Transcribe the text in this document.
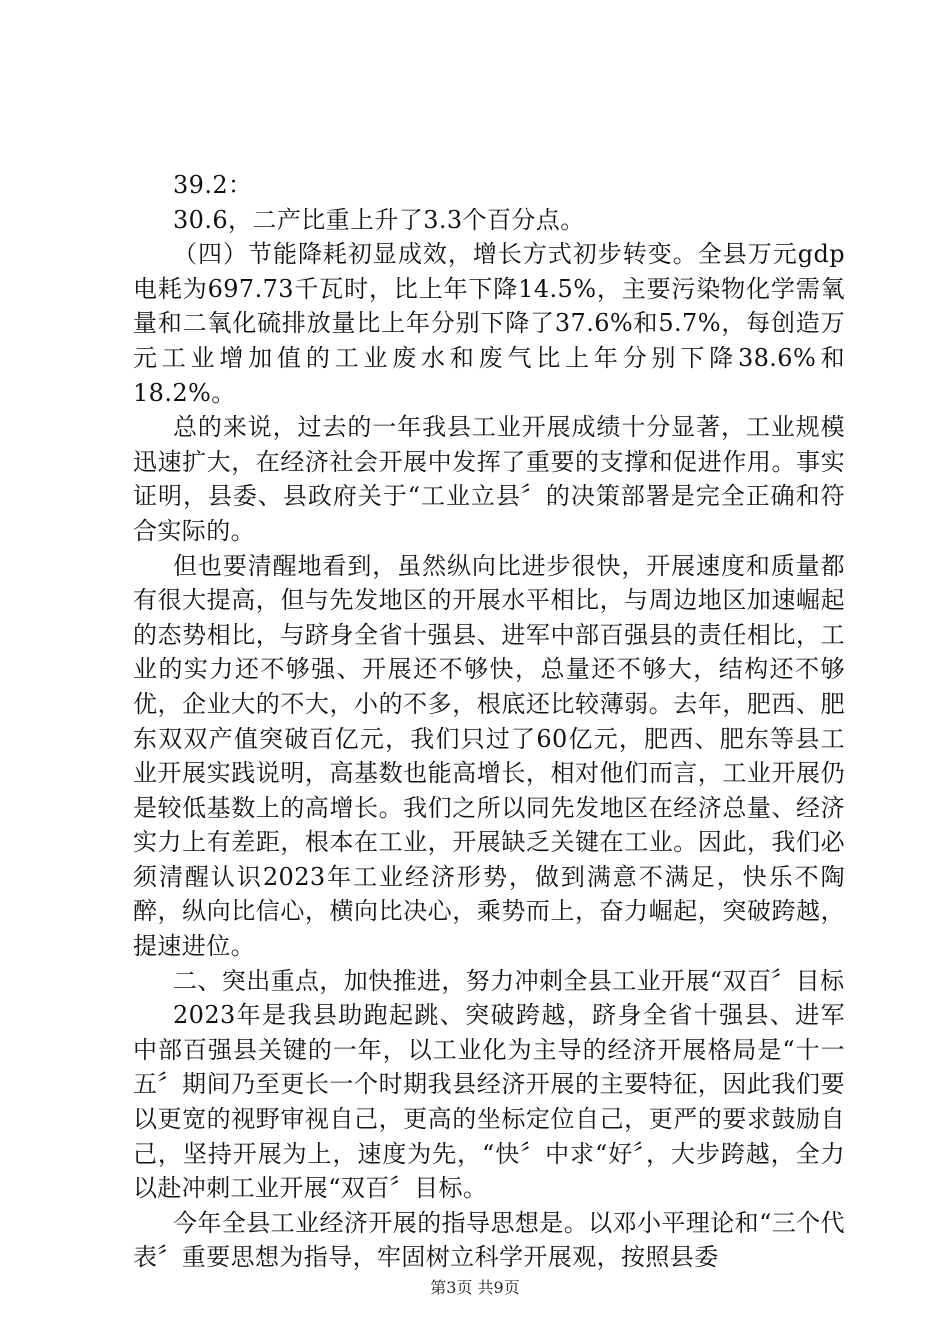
39.2：

30.6，二产比重上升了3.3个百分点。

（四）节能降耗初显成效，增长方式初步转变。全县万元gdp电耗为697.73千瓦时，比上年下降14.5%，主要污染物化学需氧量和二氧化硫排放量比上年分别下降了37.6%和5.7%，每创造万元工业增加值的工业废水和废气比上年分别下降38.6%和18.2%。

总的来说，过去的一年我县工业开展成绩十分显著，工业规模迅速扩大，在经济社会开展中发挥了重要的支撑和促进作用。事实证明，县委、县政府关于“工业立县〞的决策部署是完全正确和符合实际的。

但也要清醒地看到，虽然纵向比进步很快，开展速度和质量都有很大提高，但与先发地区的开展水平相比，与周边地区加速崛起的态势相比，与跻身全省十强县、进军中部百强县的责任相比，工业的实力还不够强、开展还不够快，总量还不够大，结构还不够优，企业大的不大，小的不多，根底还比较薄弱。去年，肥西、肥东双双产值突破百亿元，我们只过了60亿元，肥西、肥东等县工业开展实践说明，高基数也能高增长，相对他们而言，工业开展仍是较低基数上的高增长。我们之所以同先发地区在经济总量、经济实力上有差距，根本在工业，开展缺乏关键在工业。因此，我们必须清醒认识2023年工业经济形势，做到满意不满足，快乐不陶醉，纵向比信心，横向比决心，乘势而上，奋力崛起，突破跨越，提速进位。

二、突出重点，加快推进，努力冲刺全县工业开展“双百〞目标

2023年是我县助跑起跳、突破跨越，跻身全省十强县、进军中部百强县关键的一年，以工业化为主导的经济开展格局是“十一五〞期间乃至更长一个时期我县经济开展的主要特征，因此我们要以更宽的视野审视自己，更高的坐标定位自己，更严的要求鼓励自己，坚持开展为上，速度为先，“快〞中求“好〞，大步跨越，全力以赴冲刺工业开展“双百〞目标。

今年全县工业经济开展的指导思想是。以邓小平理论和“三个代表〞重要思想为指导，牢固树立科学开展观，按照县委

第3页 共9页
